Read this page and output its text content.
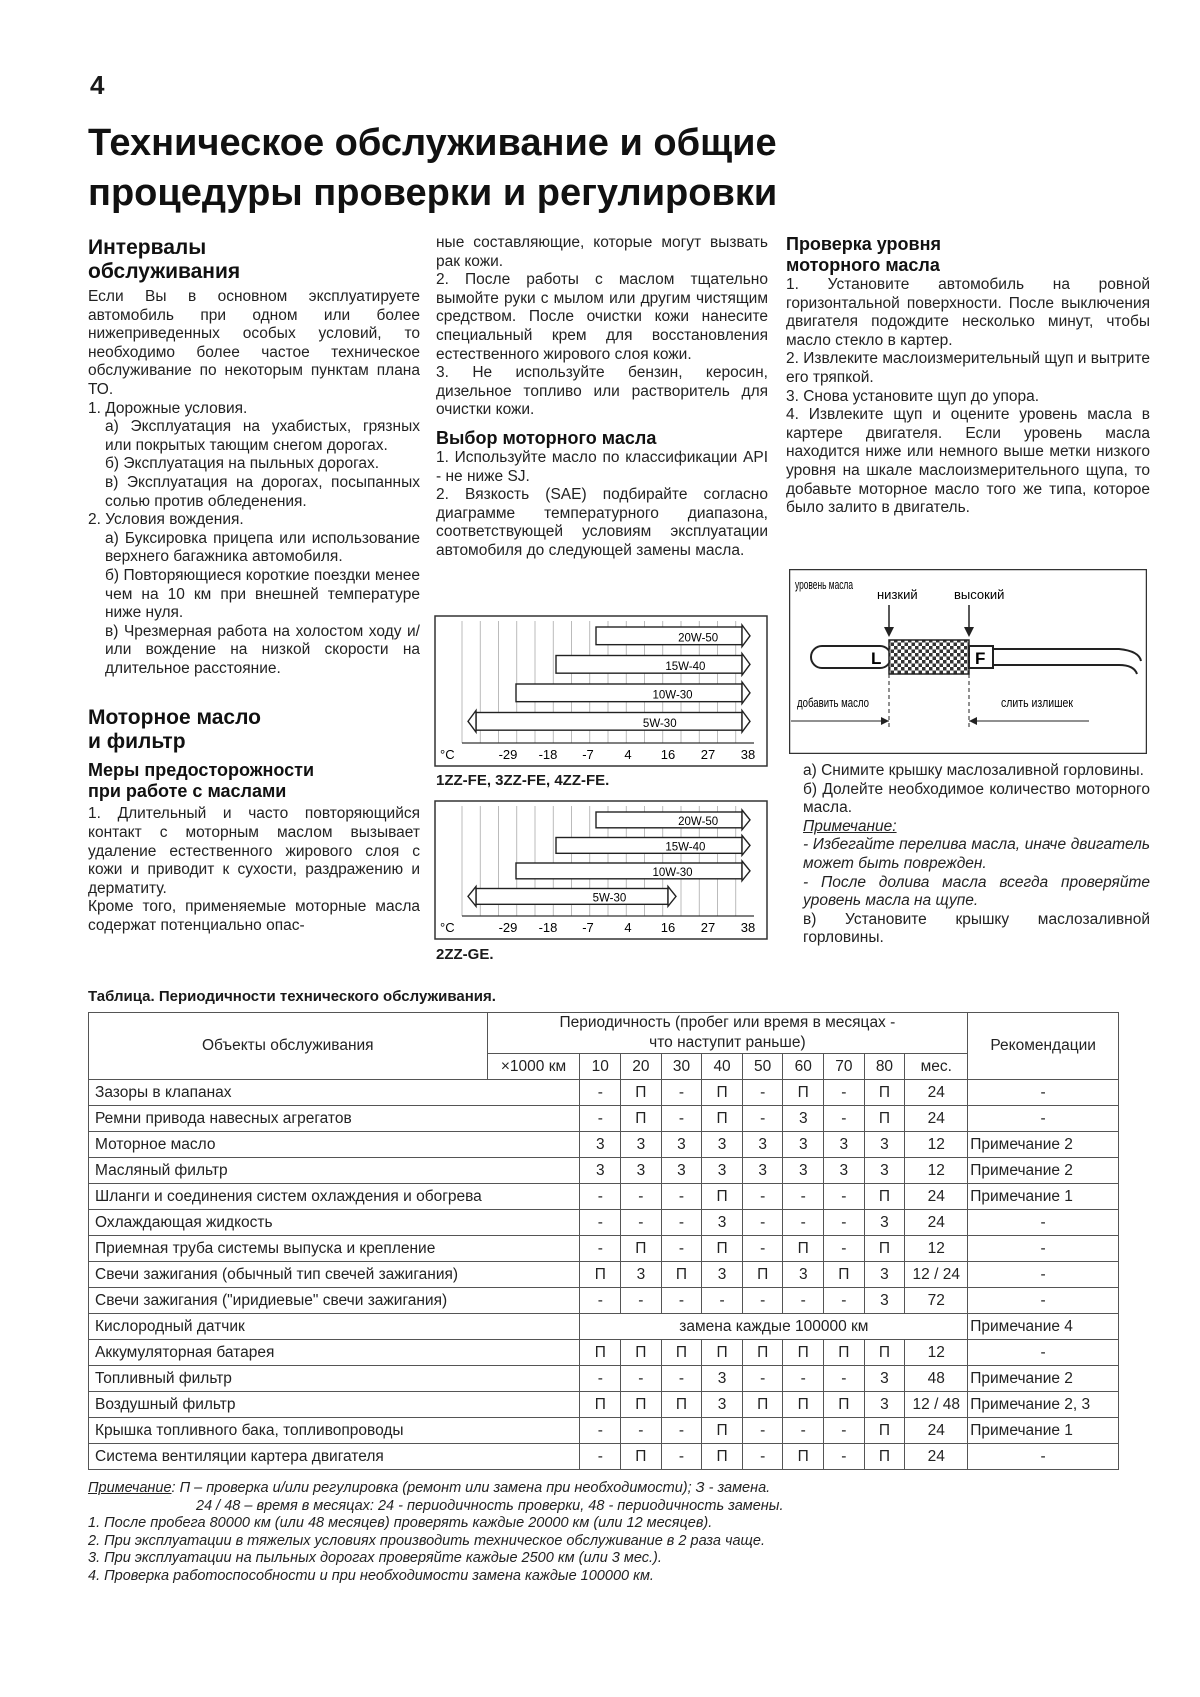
4
Техническое обслуживание и общие
процедуры проверки и регулировки
Интервалы
обслуживания

Если Вы в основном эксплуатируете автомобиль при одном или более нижеприведенных особых условий, то необходимо более частое техническое обслуживание по некоторым пунктам плана ТО.

1. Дорожные условия.

а) Эксплуатация на ухабистых, грязных или покрытых тающим снегом дорогах.

б) Эксплуатация на пыльных дорогах.

в) Эксплуатация на дорогах, посыпанных солью против обледенения.

2. Условия вождения.

а) Буксировка прицепа или использование верхнего багажника автомобиля.

б) Повторяющиеся короткие поездки менее чем на 10 км при внешней температуре ниже нуля.

в) Чрезмерная работа на холостом ходу и/или вождение на низкой скорости на длительное расстояние.

Моторное масло
и фильтр
Меры предосторожности
при работе с маслами

1. Длительный и часто повторяющийся контакт с моторным маслом вызывает удаление естественного жирового слоя с кожи и приводит к сухости, раздражению и дерматиту.

Кроме того, применяемые моторные масла содержат потенциально опас-

ные составляющие, которые могут вызвать рак кожи.

2. После работы с маслом тщательно вымойте руки с мылом или другим чистящим средством. После очистки кожи нанесите специальный крем для восстановления естественного жирового слоя кожи.

3. Не используйте бензин, керосин, дизельное топливо или растворитель для очистки кожи.

Выбор моторного масла

1. Используйте масло по классификации API - не ниже SJ.

2. Вязкость (SAE) подбирайте согласно диаграмме температурного диапазона, соответствующей условиям эксплуатации автомобиля до следующей замены масла.

°C	-29 -18 -7 4 16 27 38
20W-50
15W-40
10W-30
5W-30
1ZZ-FE, 3ZZ-FE, 4ZZ-FE.
°C	-29 -18 -7 4 16 27 38
20W-50
15W-40
10W-30
5W-30
2ZZ-GE.
Проверка уровня
моторного масла

1. Установите автомобиль на ровной горизонтальной поверхности. После выключения двигателя подождите несколько минут, чтобы масло стекло в картер.

2. Извлеките маслоизмерительный щуп и вытрите его тряпкой.

3. Снова установите щуп до упора.

4. Извлеките щуп и оцените уровень масла в картере двигателя. Если уровень масла находится ниже или немного выше метки низкого уровня на шкале маслоизмерительного щупа, то добавьте моторное масло того же типа, которое было залито в двигатель.

уровень масла
низкий	высокий
L	F
добавить масло	слить излишек

а) Снимите крышку маслозаливной горловины.

б) Долейте необходимое количество моторного масла.

Примечание:

- Избегайте перелива масла, иначе двигатель может быть поврежден.

- После долива масла всегда проверяйте уровень масла на щупе.

в) Установите крышку маслозаливной горловины.

Таблица. Периодичности технического обслуживания.
Объекты обслуживания	Периодичность (пробег или время в месяцах - что наступит раньше)										Рекомендации
	×1000 км	10	20	30	40	50	60	70	80	мес.	
Зазоры в клапанах		-	П	-	П	-	П	-	П	24	-
Ремни привода навесных агрегатов		-	П	-	П	-	3	-	П	24	-
Моторное масло		3	3	3	3	3	3	3	3	12	Примечание 2
Масляный фильтр		3	3	3	3	3	3	3	3	12	Примечание 2
Шланги и соединения систем охлаждения и обогрева		-	-	-	П	-	-	-	П	24	Примечание 1
Охлаждающая жидкость		-	-	-	3	-	-	-	3	24	-
Приемная труба системы выпуска и крепление		-	П	-	П	-	П	-	П	12	-
Свечи зажигания (обычный тип свечей зажигания)		П	3	П	3	П	3	П	3	12 / 24	-
Свечи зажигания ("иридиевые" свечи зажигания)		-	-	-	-	-	-	-	3	72	-
Кислородный датчик		замена каждые 100000 км									Примечание 4
Аккумуляторная батарея		П	П	П	П	П	П	П	П	12	-
Топливный фильтр		-	-	-	3	-	-	-	3	48	Примечание 2
Воздушный фильтр		П	П	П	3	П	П	П	3	12 / 48	Примечание 2, 3
Крышка топливного бака, топливопроводы		-	-	-	П	-	-	-	П	24	Примечание 1
Система вентиляции картера двигателя		-	П	-	П	-	П	-	П	24	-

Примечание: П – проверка и/или регулировка (ремонт или замена при необходимости); З - замена.

24 / 48 – время в месяцах: 24 - периодичность проверки, 48 - периодичность замены.

1. После пробега 80000 км (или 48 месяцев) проверять каждые 20000 км (или 12 месяцев).

2. При эксплуатации в тяжелых условиях производить техническое обслуживание в 2 раза чаще.

3. При эксплуатации на пыльных дорогах проверяйте каждые 2500 км (или 3 мес.).

4. Проверка работоспособности и при необходимости замена каждые 100000 км.
